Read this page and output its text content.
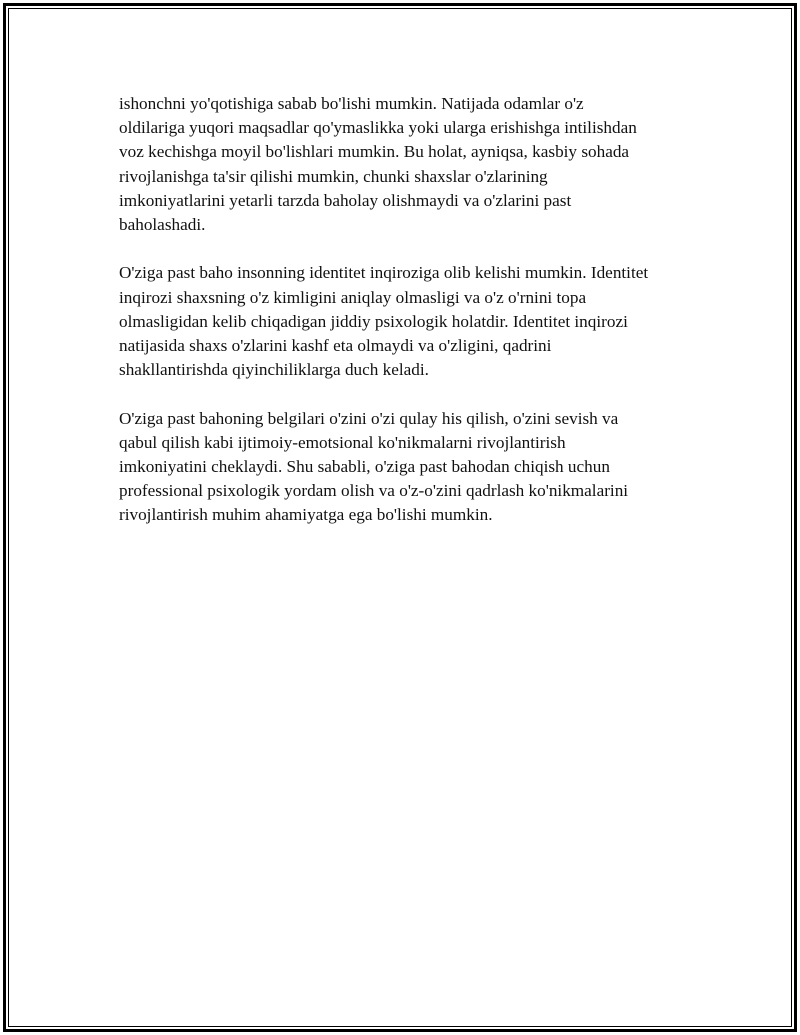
ishonchni yo'qotishiga sabab bo'lishi mumkin. Natijada odamlar o'z
oldilariga yuqori maqsadlar qo'ymaslikka yoki ularga erishishga intilishdan
voz kechishga moyil bo'lishlari mumkin. Bu holat, ayniqsa, kasbiy sohada
rivojlanishga ta'sir qilishi mumkin, chunki shaxslar o'zlarining
imkoniyatlarini yetarli tarzda baholay olishmaydi va o'zlarini past
baholashadi.

O'ziga past baho insonning identitet inqiroziga olib kelishi mumkin. Identitet
inqirozi shaxsning o'z kimligini aniqlay olmasligi va o'z o'rnini topa
olmasligidan kelib chiqadigan jiddiy psixologik holatdir. Identitet inqirozi
natijasida shaxs o'zlarini kashf eta olmaydi va o'zligini, qadrini
shakllantirishda qiyinchiliklarga duch keladi.

O'ziga past bahoning belgilari o'zini o'zi qulay his qilish, o'zini sevish va
qabul qilish kabi ijtimoiy-emotsional ko'nikmalarni rivojlantirish
imkoniyatini cheklaydi. Shu sababli, o'ziga past bahodan chiqish uchun
professional psixologik yordam olish va o'z-o'zini qadrlash ko'nikmalarini
rivojlantirish muhim ahamiyatga ega bo'lishi mumkin.
